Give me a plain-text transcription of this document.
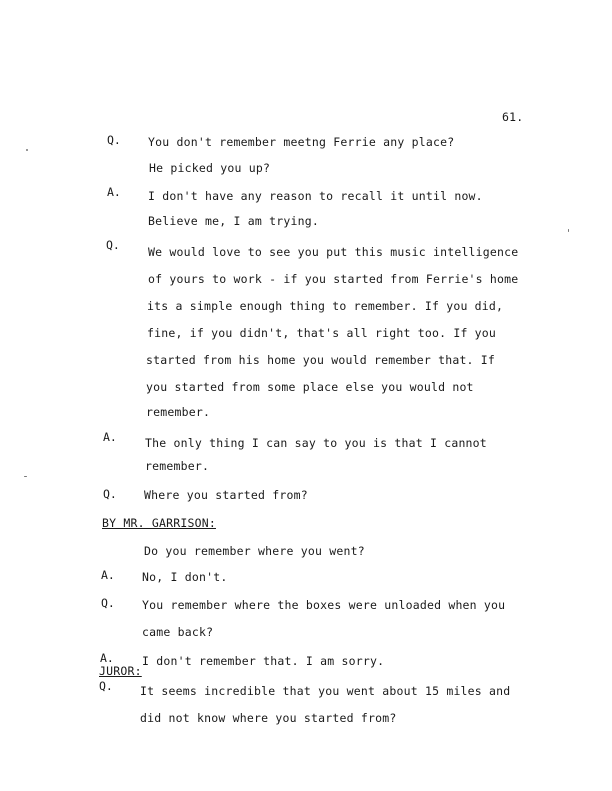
61.
Q. You don't remember meetng Ferrie any place?
He picked you up?
A. I don't have any reason to recall it until now.
Believe me, I am trying.
Q. We would love to see you put this music intelligence
of yours to work - if you started from Ferrie's home
its a simple enough thing to remember. If you did,
fine, if you didn't, that's all right too. If you
started from his home you would remember that. If
you started from some place else you would not
remember.
A. The only thing I can say to you is that I cannot
remember.
Q. Where you started from?
BY MR. GARRISON:
Do you remember where you went?
A. No, I don't.
Q. You remember where the boxes were unloaded when you
came back?
A. I don't remember that. I am sorry.
JUROR:
Q. It seems incredible that you went about 15 miles and
did not know where you started from?
